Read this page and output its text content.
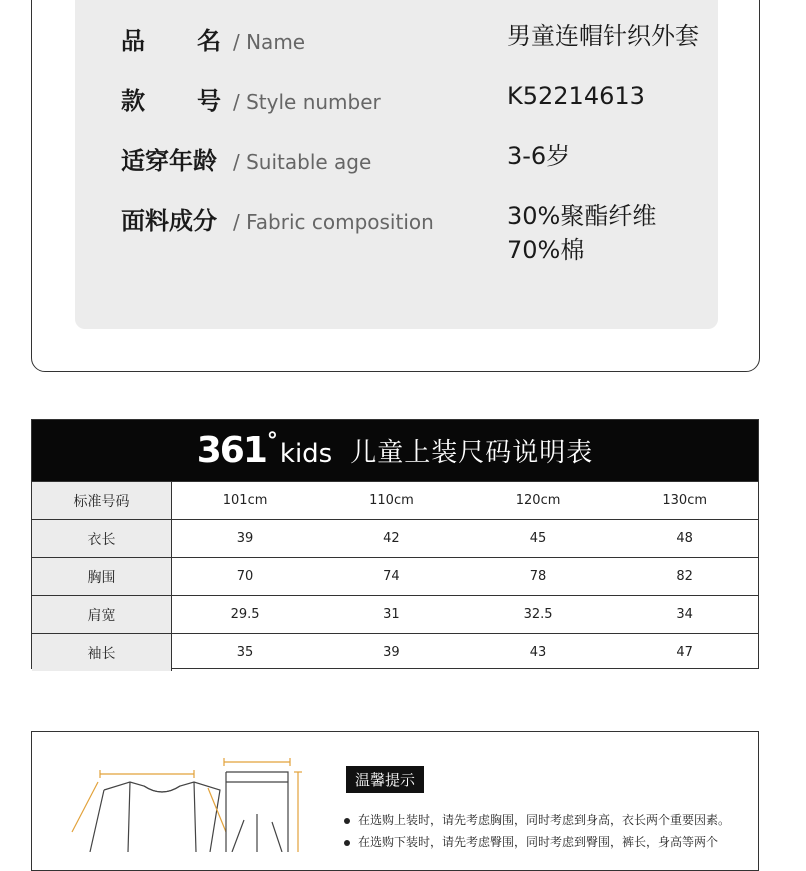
品 名 / Name	男童连帽针织外套
款 号 / Style number	K52214613
适穿年龄 / Suitable age	3-6岁
面料成分 / Fabric composition	30%聚酯纤维
70%棉
361 ° kids 儿童上装尺码说明表
标准号码	101cm	110cm	120cm	130cm
衣长	39	42	45	48
胸围	70	74	78	82
肩宽	29.5	31	32.5	34
袖长	35	39	43	47
温馨提示
在选购上装时，请先考虑胸围，同时考虑到身高，衣长两个重要因素。
在选购下装时，请先考虑臀围，同时考虑到臀围，裤长，身高等两个
